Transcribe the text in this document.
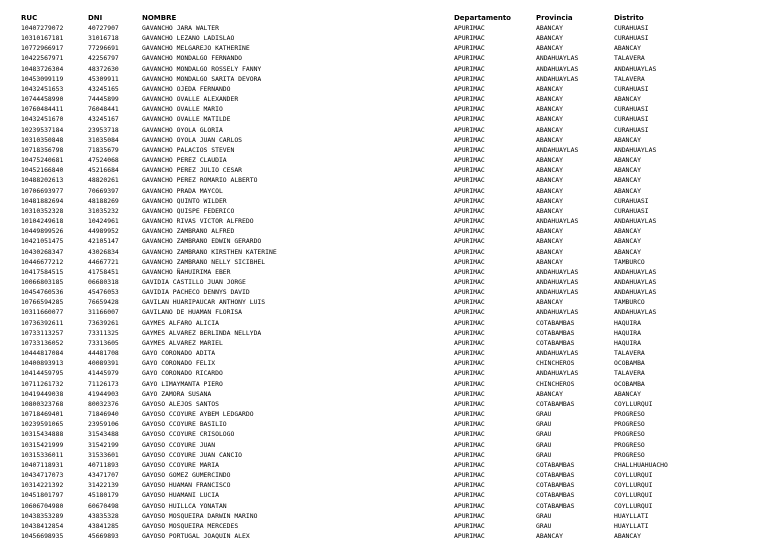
RUC	DNI	NOMBRE	Departamento	Provincia	Distrito
10407279072	40727907	GAVANCHO JARA WALTER	APURIMAC	ABANCAY	CURAHUASI
10310167181	31016718	GAVANCHO LEZANO LADISLAO	APURIMAC	ABANCAY	CURAHUASI
10772966917	77296691	GAVANCHO MELGAREJO KATHERINE	APURIMAC	ABANCAY	ABANCAY
10422567971	42256797	GAVANCHO MONDALGO FERNANDO	APURIMAC	ANDAHUAYLAS	TALAVERA
10483726304	48372630	GAVANCHO MONDALGO ROSSELY FANNY	APURIMAC	ANDAHUAYLAS	ANDAHUAYLAS
10453099119	45309911	GAVANCHO MONDALGO SARITA DEVORA	APURIMAC	ANDAHUAYLAS	TALAVERA
10432451653	43245165	GAVANCHO OJEDA FERNANDO	APURIMAC	ABANCAY	CURAHUASI
10744458990	74445899	GAVANCHO OVALLE ALEXANDER	APURIMAC	ABANCAY	ABANCAY
10760484411	76048441	GAVANCHO OVALLE MARIO	APURIMAC	ABANCAY	CURAHUASI
10432451670	43245167	GAVANCHO OVALLE MATILDE	APURIMAC	ABANCAY	CURAHUASI
10239537184	23953718	GAVANCHO OYOLA GLORIA	APURIMAC	ABANCAY	CURAHUASI
10310350848	31035084	GAVANCHO OYOLA JUAN CARLOS	APURIMAC	ABANCAY	ABANCAY
10718356798	71835679	GAVANCHO PALACIOS STEVEN	APURIMAC	ANDAHUAYLAS	ANDAHUAYLAS
10475240681	47524068	GAVANCHO PEREZ CLAUDIA	APURIMAC	ABANCAY	ABANCAY
10452166840	45216684	GAVANCHO PEREZ JULIO CESAR	APURIMAC	ABANCAY	ABANCAY
10488202613	48820261	GAVANCHO PEREZ ROMARIO ALBERTO	APURIMAC	ABANCAY	ABANCAY
10706693977	70669397	GAVANCHO PRADA MAYCOL	APURIMAC	ABANCAY	ABANCAY
10481882694	48188269	GAVANCHO QUINTO WILDER	APURIMAC	ABANCAY	CURAHUASI
10310352328	31035232	GAVANCHO QUISPE FEDERICO	APURIMAC	ABANCAY	CURAHUASI
10104249618	10424961	GAVANCHO RIVAS VICTOR ALFREDO	APURIMAC	ANDAHUAYLAS	ANDAHUAYLAS
10449899526	44989952	GAVANCHO ZAMBRANO ALFRED	APURIMAC	ABANCAY	ABANCAY
10421051475	42105147	GAVANCHO ZAMBRANO EDWIN GERARDO	APURIMAC	ABANCAY	ABANCAY
10430268347	43026834	GAVANCHO ZAMBRANO KIRSTHEN KATERINE	APURIMAC	ABANCAY	ABANCAY
10446677212	44667721	GAVANCHO ZAMBRANO NELLY SICIBHEL	APURIMAC	ABANCAY	TAMBURCO
10417584515	41758451	GAVANCHO ÑAHUIRIMA EBER	APURIMAC	ANDAHUAYLAS	ANDAHUAYLAS
10066803185	06680318	GAVIDIA CASTILLO JUAN JORGE	APURIMAC	ANDAHUAYLAS	ANDAHUAYLAS
10454760536	45476053	GAVIDIA PACHECO DENNYS DAVID	APURIMAC	ANDAHUAYLAS	ANDAHUAYLAS
10766594285	76659428	GAVILAN HUARIPAUCAR ANTHONY LUIS	APURIMAC	ABANCAY	TAMBURCO
10311660077	31166007	GAVILANO DE HUAMAN FLORISA	APURIMAC	ANDAHUAYLAS	ANDAHUAYLAS
10736392611	73639261	GAYMES ALFARO ALICIA	APURIMAC	COTABAMBAS	HAQUIRA
10733113257	73311325	GAYMES ALVAREZ BERLINDA NELLYDA	APURIMAC	COTABAMBAS	HAQUIRA
10733136052	73313605	GAYMES ALVAREZ MARIEL	APURIMAC	COTABAMBAS	HAQUIRA
10444817084	44481708	GAYO CORONADO ADITA	APURIMAC	ANDAHUAYLAS	TALAVERA
10400893913	40089391	GAYO CORONADO FELIX	APURIMAC	CHINCHEROS	OCOBAMBA
10414459795	41445979	GAYO CORONADO RICARDO	APURIMAC	ANDAHUAYLAS	TALAVERA
10711261732	71126173	GAYO LIMAYMANTA PIERO	APURIMAC	CHINCHEROS	OCOBAMBA
10419449038	41944903	GAYO ZAMORA SUSANA	APURIMAC	ABANCAY	ABANCAY
10800323768	80032376	GAYOSO ALEJOS SANTOS	APURIMAC	COTABAMBAS	COYLLURQUI
10718469401	71846940	GAYOSO CCOYURE AYBEM LEDGARDO	APURIMAC	GRAU	PROGRESO
10239591065	23959106	GAYOSO CCOYURE BASILIO	APURIMAC	GRAU	PROGRESO
10315434888	31543488	GAYOSO CCOYURE CRISOLOGO	APURIMAC	GRAU	PROGRESO
10315421999	31542199	GAYOSO CCOYURE JUAN	APURIMAC	GRAU	PROGRESO
10315336011	31533601	GAYOSO CCOYURE JUAN CANCIO	APURIMAC	GRAU	PROGRESO
10407118931	40711893	GAYOSO CCOYURE MARIA	APURIMAC	COTABAMBAS	CHALLHUAHUACHO
10434717073	43471707	GAYOSO GOMEZ GUMERCINDO	APURIMAC	COTABAMBAS	COYLLURQUI
10314221392	31422139	GAYOSO HUAMAN FRANCISCO	APURIMAC	COTABAMBAS	COYLLURQUI
10451801797	45180179	GAYOSO HUAMANI LUCIA	APURIMAC	COTABAMBAS	COYLLURQUI
10606704980	60670498	GAYOSO HUILLCA YONATAN	APURIMAC	COTABAMBAS	COYLLURQUI
10438353289	43835328	GAYOSO MOSQUEIRA DARWIN MARINO	APURIMAC	GRAU	HUAYLLATI
10438412854	43841285	GAYOSO MOSQUEIRA MERCEDES	APURIMAC	GRAU	HUAYLLATI
10456698935	45669893	GAYOSO PORTUGAL JOAQUIN ALEX	APURIMAC	ABANCAY	ABANCAY
